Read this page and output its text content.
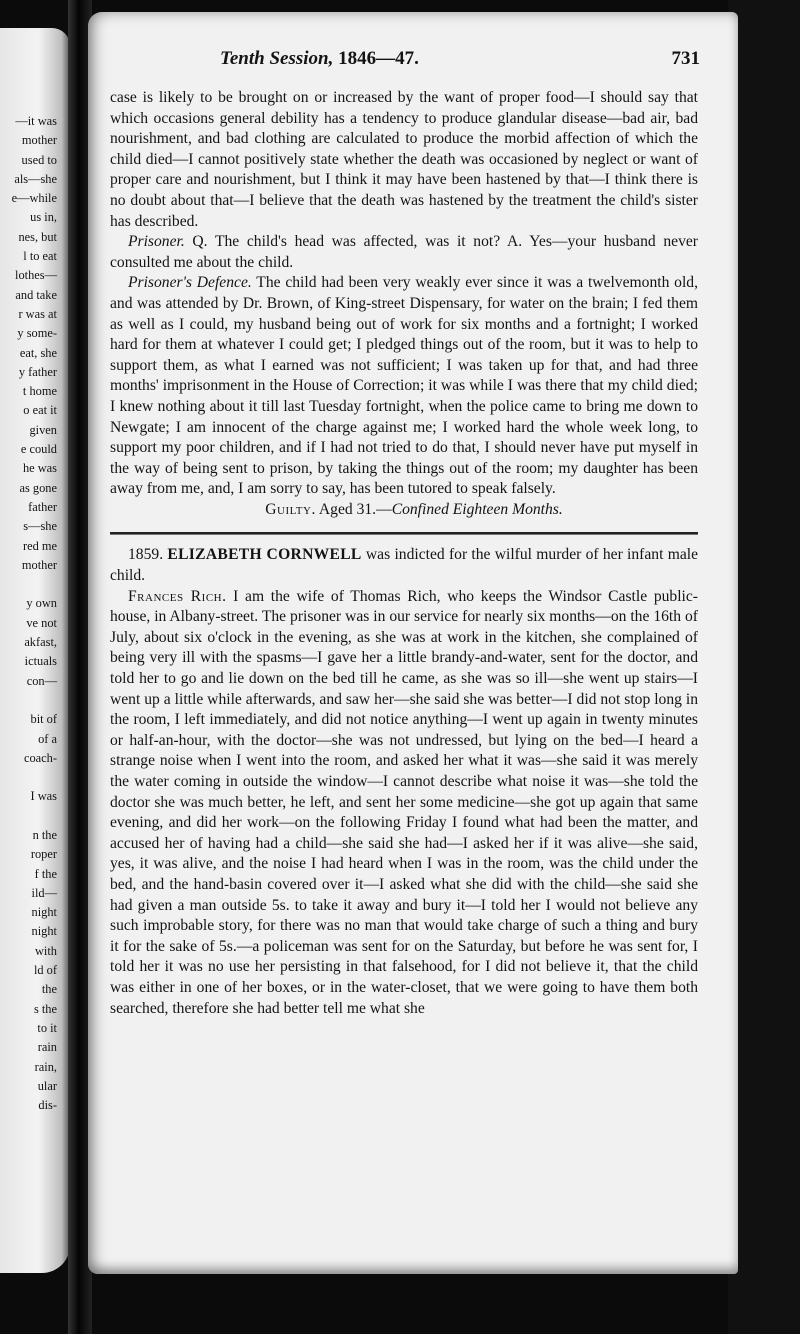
—it was
mother
used to
als—she
e—while
us in,
nes, but
l to eat
lothes—
and take
r was at
y some-
eat, she
y father
t home
o eat it
given
e could
he was
as gone
father
s—she
red me
mother
y own
ve not
akfast,
ictuals
con—
bit of
of a
coach-
I was
n the
roper
f the
ild—
night
night
with
ld of
the
s the
to it
rain
rain,
ular
dis-
Tenth Session, 1846—47.	731

case is likely to be brought on or increased by the want of proper food—I should say that which occasions general debility has a tendency to produce glandular disease—bad air, bad nourishment, and bad clothing are calculated to produce the morbid affection of which the child died—I cannot positively state whether the death was occasioned by neglect or want of proper care and nourishment, but I think it may have been hastened by that—I think there is no doubt about that—I believe that the death was hastened by the treatment the child's sister has described.

Prisoner. Q. The child's head was affected, was it not? A. Yes—your husband never consulted me about the child.

Prisoner's Defence. The child had been very weakly ever since it was a twelvemonth old, and was attended by Dr. Brown, of King-street Dispensary, for water on the brain; I fed them as well as I could, my husband being out of work for six months and a fortnight; I worked hard for them at whatever I could get; I pledged things out of the room, but it was to help to support them, as what I earned was not sufficient; I was taken up for that, and had three months' imprisonment in the House of Correction; it was while I was there that my child died; I knew nothing about it till last Tuesday fortnight, when the police came to bring me down to Newgate; I am innocent of the charge against me; I worked hard the whole week long, to support my poor children, and if I had not tried to do that, I should never have put myself in the way of being sent to prison, by taking the things out of the room; my daughter has been away from me, and, I am sorry to say, has been tutored to speak falsely.

Guilty. Aged 31.—Confined Eighteen Months.

1859. ELIZABETH CORNWELL was indicted for the wilful murder of her infant male child.

Frances Rich. I am the wife of Thomas Rich, who keeps the Windsor Castle public-house, in Albany-street. The prisoner was in our service for nearly six months—on the 16th of July, about six o'clock in the evening, as she was at work in the kitchen, she complained of being very ill with the spasms—I gave her a little brandy-and-water, sent for the doctor, and told her to go and lie down on the bed till he came, as she was so ill—she went up stairs—I went up a little while afterwards, and saw her—she said she was better—I did not stop long in the room, I left immediately, and did not notice anything—I went up again in twenty minutes or half-an-hour, with the doctor—she was not undressed, but lying on the bed—I heard a strange noise when I went into the room, and asked her what it was—she said it was merely the water coming in outside the window—I cannot describe what noise it was—she told the doctor she was much better, he left, and sent her some medicine—she got up again that same evening, and did her work—on the following Friday I found what had been the matter, and accused her of having had a child—she said she had—I asked her if it was alive—she said, yes, it was alive, and the noise I had heard when I was in the room, was the child under the bed, and the hand-basin covered over it—I asked what she did with the child—she said she had given a man outside 5s. to take it away and bury it—I told her I would not believe any such improbable story, for there was no man that would take charge of such a thing and bury it for the sake of 5s.—a policeman was sent for on the Saturday, but before he was sent for, I told her it was no use her persisting in that falsehood, for I did not believe it, that the child was either in one of her boxes, or in the water-closet, that we were going to have them both searched, therefore she had better tell me what she
